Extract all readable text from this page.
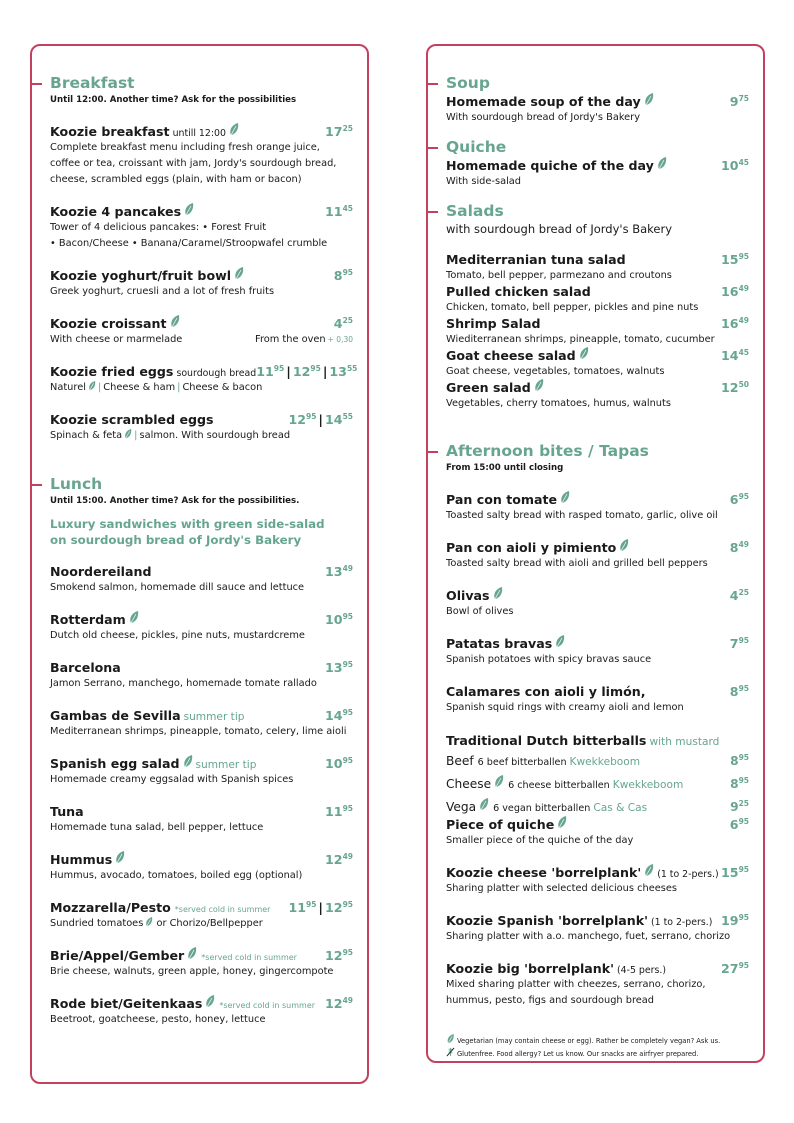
Breakfast
Until 12:00. Another time? Ask for the possibilities
Koozie breakfast untill 12:00	$17^{25}$
Complete breakfast menu including fresh orange juice,
coffee or tea, croissant with jam, Jordy's sourdough bread,
cheese, scrambled eggs (plain, with ham or bacon)
Koozie 4 pancakes	$11^{45}$
Tower of 4 delicious pancakes: • Forest Fruit
• Bacon/Cheese • Banana/Caramel/Stroopwafel crumble
Koozie yoghurt/fruit bowl	$8^{95}$
Greek yoghurt, cruesli and a lot of fresh fruits
Koozie croissant	$4^{25}$
With cheese or marmelade	From the oven + 0,30
Koozie fried eggs sourdough bread $11^{95}$ | $12^{95}$ | $13^{55}$
Naturel | Cheese & ham | Cheese & bacon
Koozie scrambled eggs	$12^{95}$ | $14^{55}$
Spinach & feta | salmon. With sourdough bread
Lunch
Until 15:00. Another time? Ask for the possibilities.
Luxury sandwiches with green side-salad
on sourdough bread of Jordy's Bakery
Noordereiland	$13^{49}$
Smokend salmon, homemade dill sauce and lettuce
Rotterdam	$10^{95}$
Dutch old cheese, pickles, pine nuts, mustardcreme
Barcelona	$13^{95}$
Jamon Serrano, manchego, homemade tomate rallado
Gambas de Sevilla summer tip	$14^{95}$
Mediterranean shrimps, pineapple, tomato, celery, lime aioli
Spanish egg salad summer tip	$10^{95}$
Homemade creamy eggsalad with Spanish spices
Tuna	$11^{95}$
Homemade tuna salad, bell pepper, lettuce
Hummus	$12^{49}$
Hummus, avocado, tomatoes, boiled egg (optional)
Mozzarella/Pesto *served cold in summer $11^{95}$ | $12^{95}$
Sundried tomatoes or Chorizo/Bellpepper
Brie/Appel/Gember *served cold in summer $12^{95}$
Brie cheese, walnuts, green apple, honey, gingercompote
Rode biet/Geitenkaas *served cold in summer $12^{49}$
Beetroot, goatcheese, pesto, honey, lettuce
Soup
Homemade soup of the day	$9^{75}$
With sourdough bread of Jordy's Bakery
Quiche
Homemade quiche of the day	$10^{45}$
With side-salad
Salads
with sourdough bread of Jordy's Bakery
Mediterranian tuna salad	$15^{95}$
Tomato, bell pepper, parmezano and croutons
Pulled chicken salad	$16^{49}$
Chicken, tomato, bell pepper, pickles and pine nuts
Shrimp Salad	$16^{49}$
Wiediterranean shrimps, pineapple, tomato, cucumber
Goat cheese salad	$14^{45}$
Goat cheese, vegetables, tomatoes, walnuts
Green salad	$12^{50}$
Vegetables, cherry tomatoes, humus, walnuts
Afternoon bites / Tapas
From 15:00 until closing
Pan con tomate	$6^{95}$
Toasted salty bread with rasped tomato, garlic, olive oil
Pan con aioli y pimiento	$8^{49}$
Toasted salty bread with aioli and grilled bell peppers
Olivas	$4^{25}$
Bowl of olives
Patatas bravas	$7^{95}$
Spanish potatoes with spicy bravas sauce
Calamares con aioli y limón,	$8^{95}$
Spanish squid rings with creamy aioli and lemon
Traditional Dutch bitterballs with mustard
Beef 6 beef bitterballen Kwekkeboom	$8^{95}$
Cheese 6 cheese bitterballen Kwekkeboom	$8^{95}$
Vega 6 vegan bitterballen Cas & Cas	$9^{25}$
Piece of quiche	$6^{95}$
Smaller piece of the quiche of the day
Koozie cheese 'borrelplank' (1 to 2-pers.) $15^{95}$
Sharing platter with selected delicious cheeses
Koozie Spanish 'borrelplank' (1 to 2-pers.) $19^{95}$
Sharing platter with a.o. manchego, fuet, serrano, chorizo
Koozie big 'borrelplank' (4-5 pers.)	$27^{95}$
Mixed sharing platter with cheezes, serrano, chorizo,
hummus, pesto, figs and sourdough bread
Vegetarian (may contain cheese or egg). Rather be completely vegan? Ask us.
Glutenfree. Food allergy? Let us know. Our snacks are airfryer prepared.
